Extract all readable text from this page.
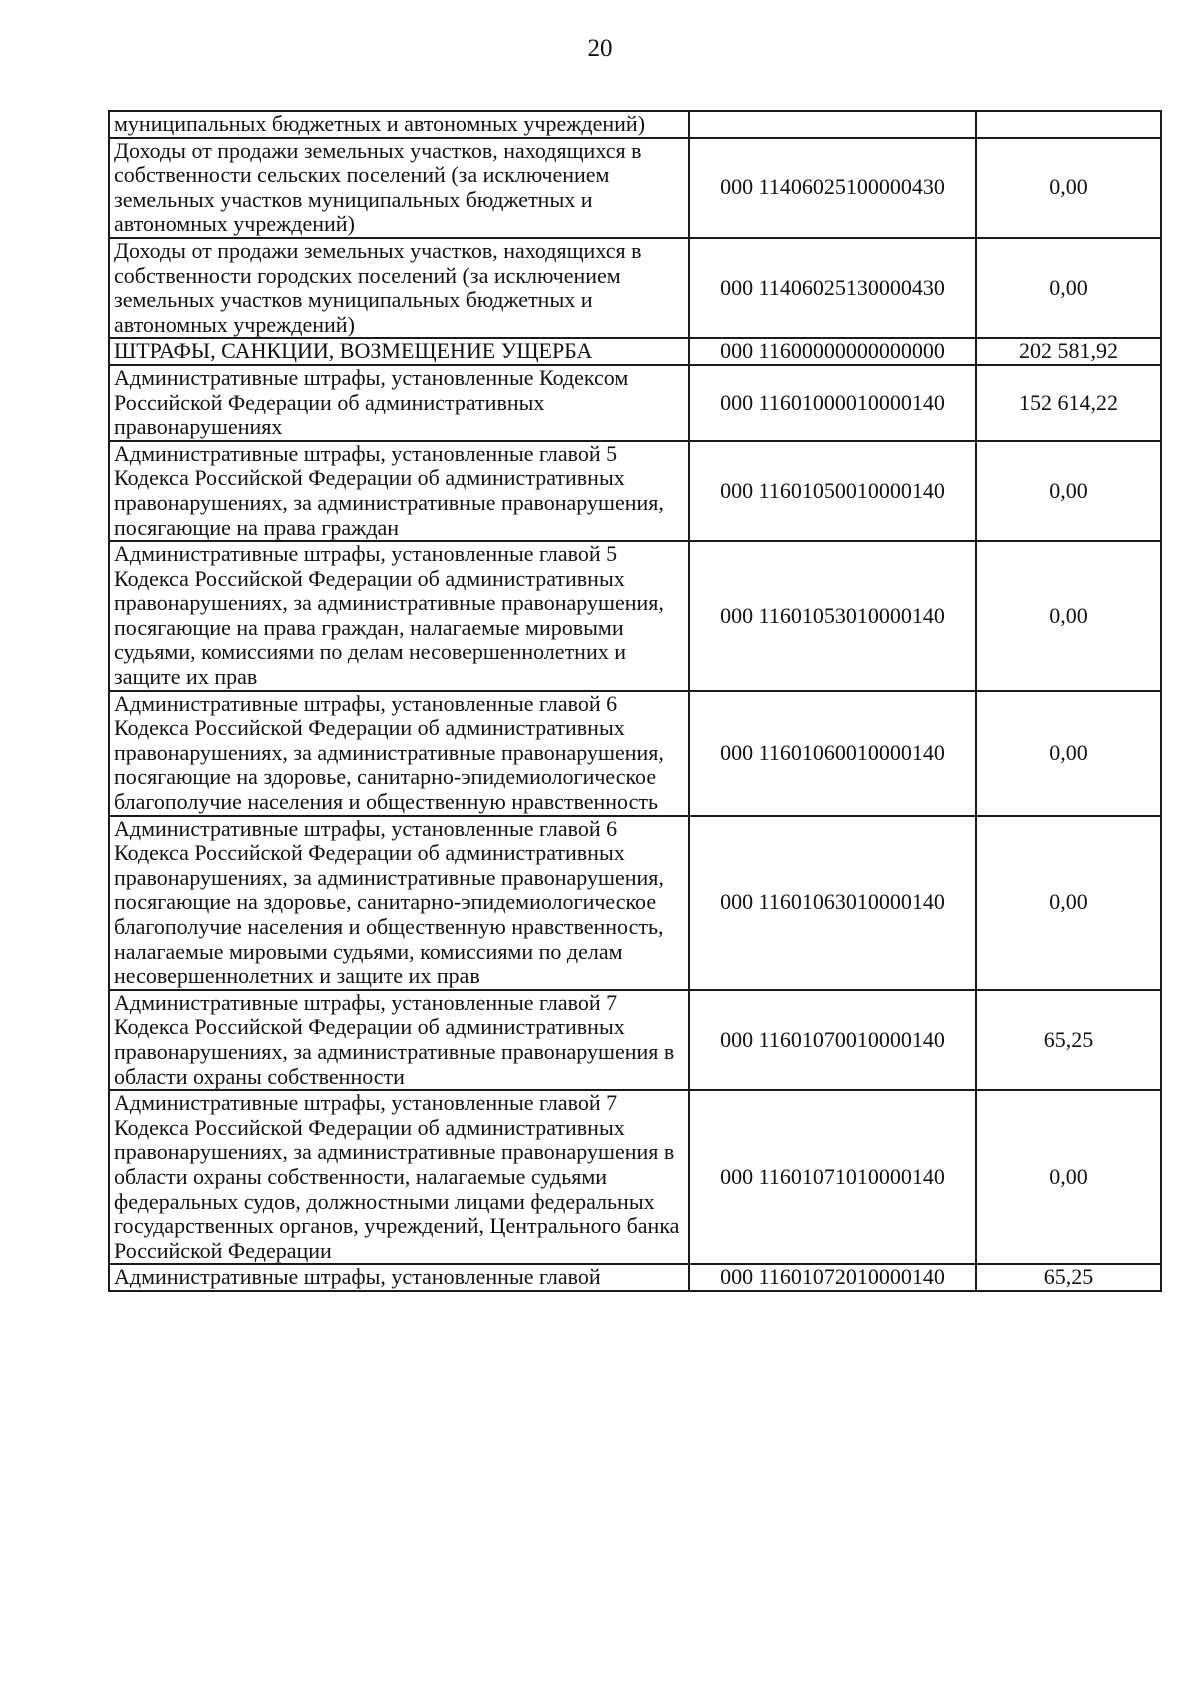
20
муниципальных бюджетных и автономных учреждений)		
Доходы от продажи земельных участков, находящихся в собственности сельских поселений (за исключением земельных участков муниципальных бюджетных и автономных учреждений)	000 11406025100000430	0,00
Доходы от продажи земельных участков, находящихся в собственности городских поселений (за исключением земельных участков муниципальных бюджетных и автономных учреждений)	000 11406025130000430	0,00
ШТРАФЫ, САНКЦИИ, ВОЗМЕЩЕНИЕ УЩЕРБА	000 11600000000000000	202 581,92
Административные штрафы, установленные Кодексом Российской Федерации об административных правонарушениях	000 11601000010000140	152 614,22
Административные штрафы, установленные главой 5 Кодекса Российской Федерации об административных правонарушениях, за административные правонарушения, посягающие на права граждан	000 11601050010000140	0,00
Административные штрафы, установленные главой 5 Кодекса Российской Федерации об административных правонарушениях, за административные правонарушения, посягающие на права граждан, налагаемые мировыми судьями, комиссиями по делам несовершеннолетних и защите их прав	000 11601053010000140	0,00
Административные штрафы, установленные главой 6 Кодекса Российской Федерации об административных правонарушениях, за административные правонарушения, посягающие на здоровье, санитарно-эпидемиологическое благополучие населения и общественную нравственность	000 11601060010000140	0,00
Административные штрафы, установленные главой 6 Кодекса Российской Федерации об административных правонарушениях, за административные правонарушения, посягающие на здоровье, санитарно-эпидемиологическое благополучие населения и общественную нравственность, налагаемые мировыми судьями, комиссиями по делам несовершеннолетних и защите их прав	000 11601063010000140	0,00
Административные штрафы, установленные главой 7 Кодекса Российской Федерации об административных правонарушениях, за административные правонарушения в области охраны собственности	000 11601070010000140	65,25
Административные штрафы, установленные главой 7 Кодекса Российской Федерации об административных правонарушениях, за административные правонарушения в области охраны собственности, налагаемые судьями федеральных судов, должностными лицами федеральных государственных органов, учреждений, Центрального банка Российской Федерации	000 11601071010000140	0,00
Административные штрафы, установленные главой	000 11601072010000140	65,25
